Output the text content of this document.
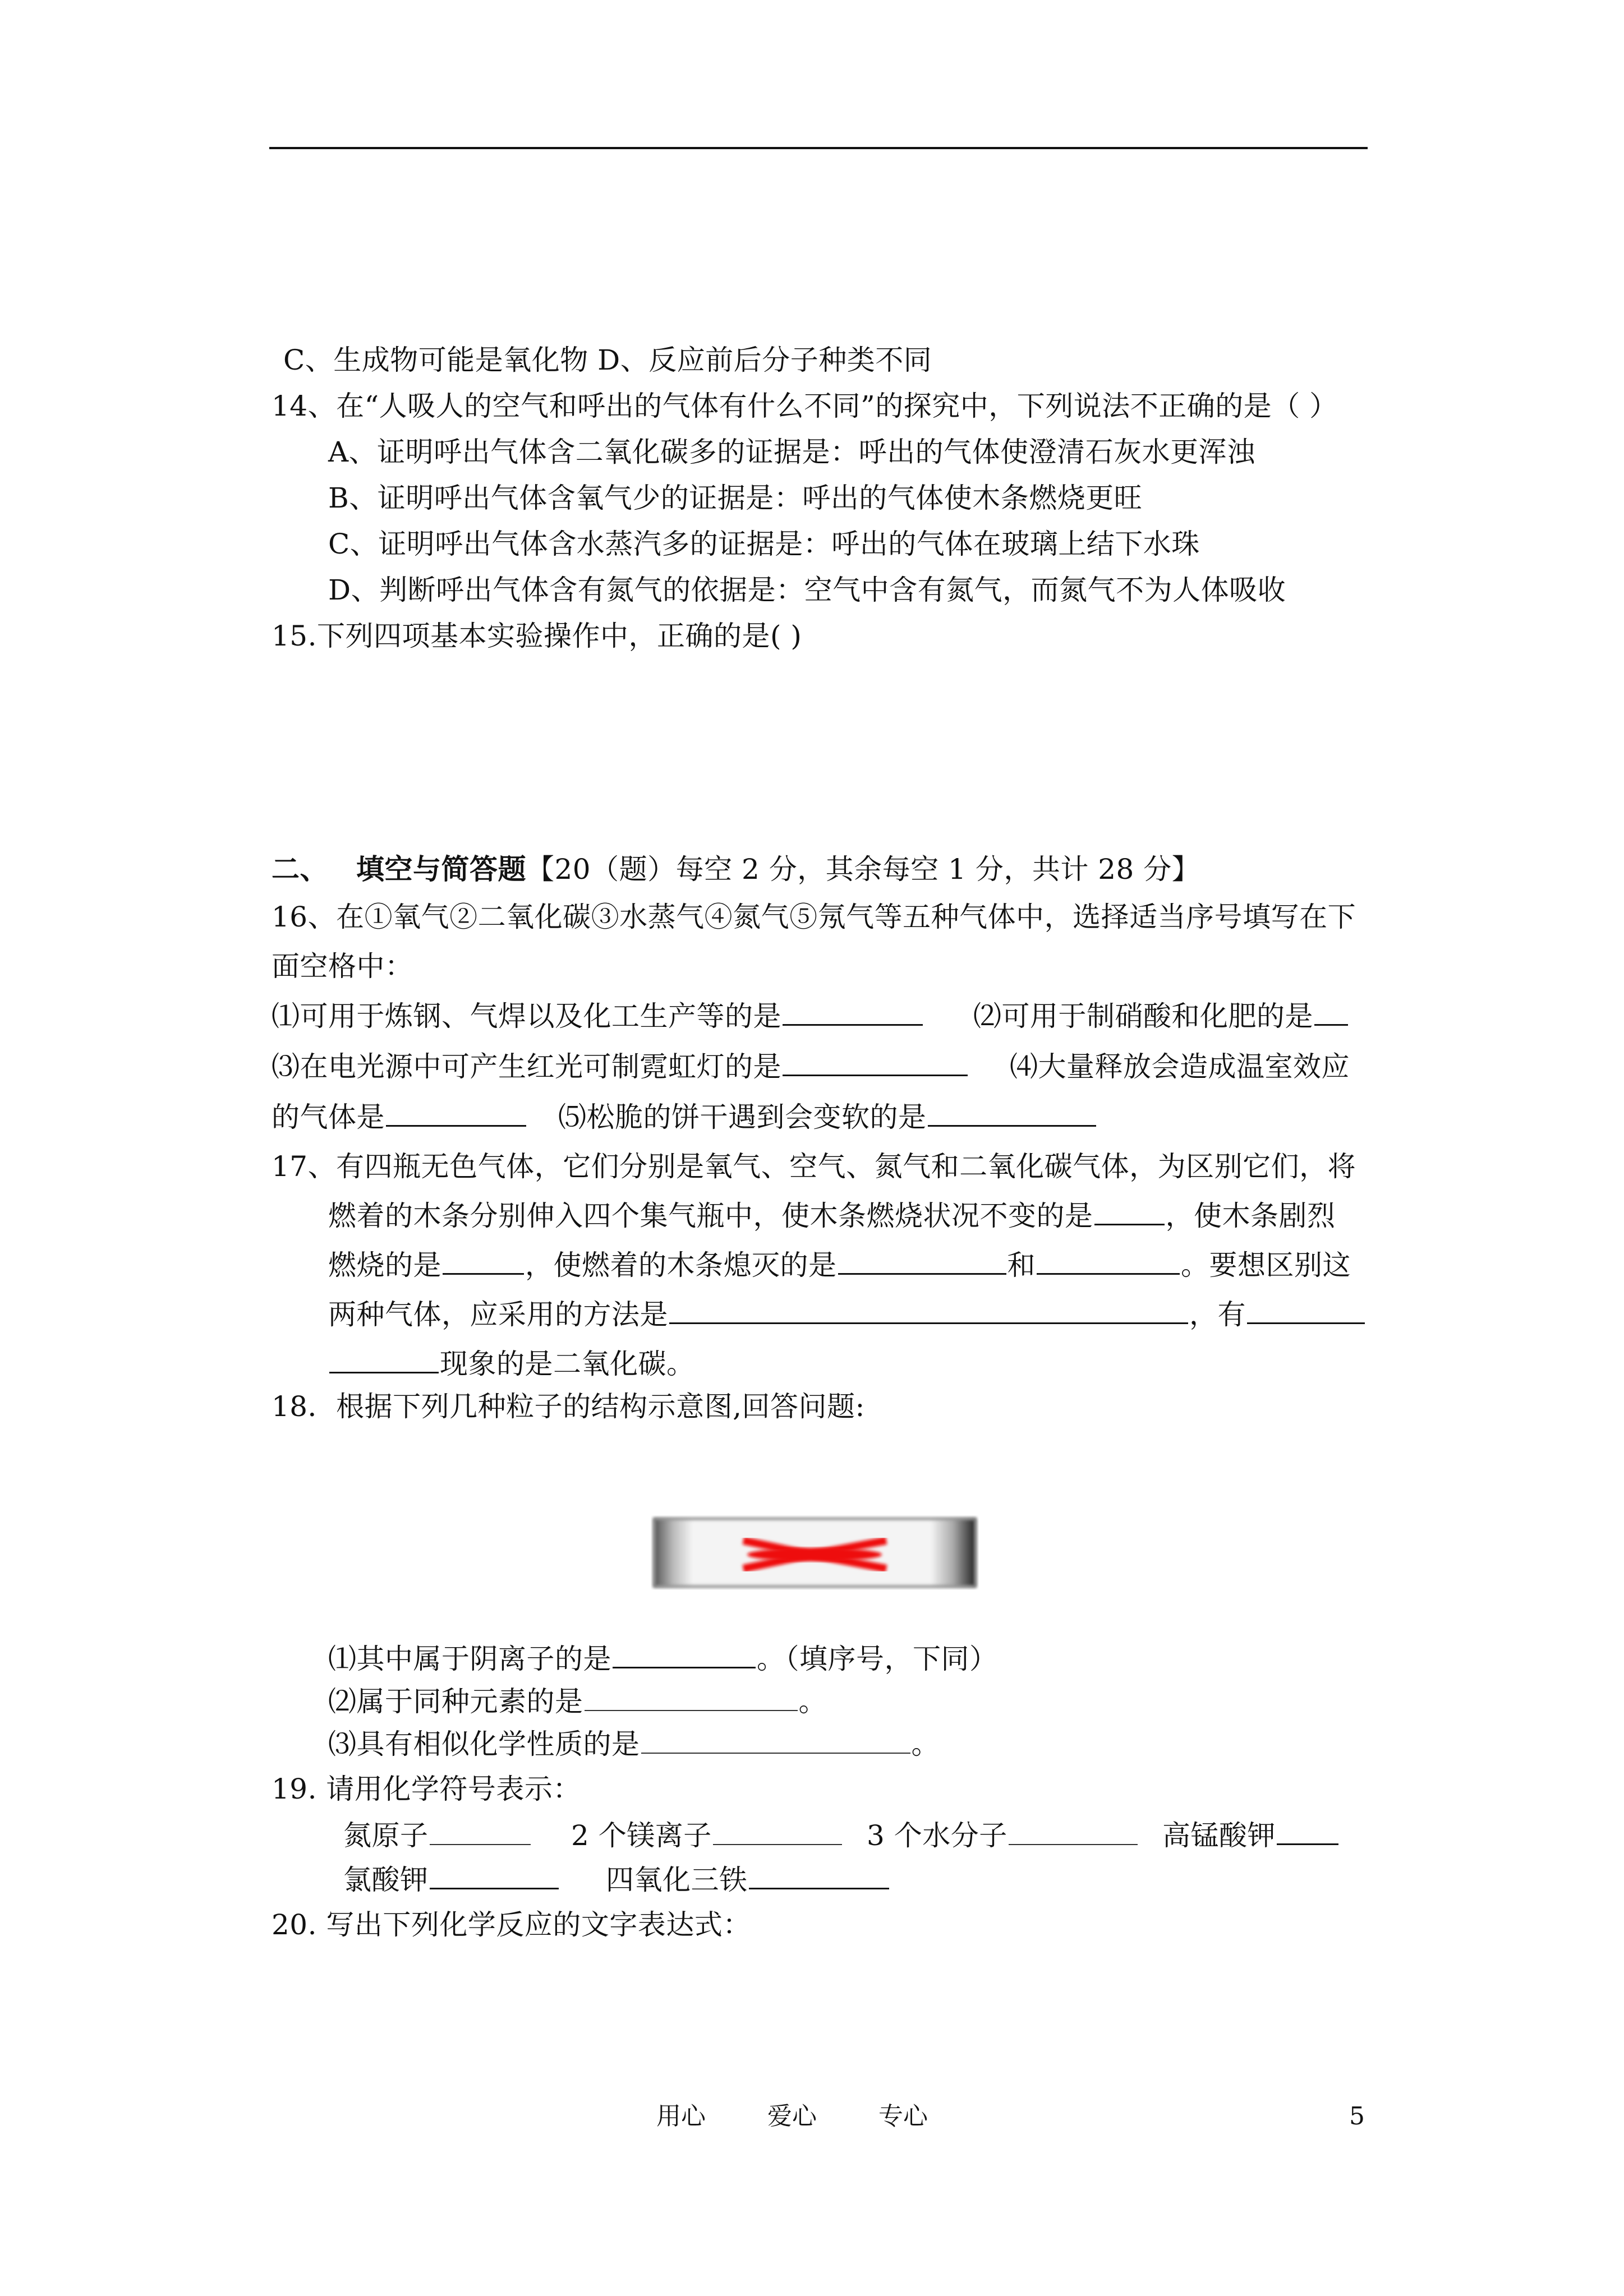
C、生成物可能是氧化物 D、反应前后分子种类不同
14、在“人吸人的空气和呼出的气体有什么不同”的探究中，下列说法不正确的是（ ）
A、证明呼出气体含二氧化碳多的证据是：呼出的气体使澄清石灰水更浑浊
B、证明呼出气体含氧气少的证据是：呼出的气体使木条燃烧更旺
C、证明呼出气体含水蒸汽多的证据是：呼出的气体在玻璃上结下水珠
D、判断呼出气体含有氮气的依据是：空气中含有氮气，而氮气不为人体吸收
15.下列四项基本实验操作中，正确的是( )
二、 填空与简答题【20（题）每空 2 分，其余每空 1 分，共计 28 分】
16、在①氧气②二氧化碳③水蒸气④氮气⑤氖气等五种气体中，选择适当序号填写在下
面空格中：
⑴可用于炼钢、气焊以及化工生产等的是	⑵可用于制硝酸和化肥的是
⑶在电光源中可产生红光可制霓虹灯的是	⑷大量释放会造成温室效应
的气体是	⑸松脆的饼干遇到会变软的是
17、有四瓶无色气体，它们分别是氧气、空气、氮气和二氧化碳气体，为区别它们，将
燃着的木条分别伸入四个集气瓶中，使木条燃烧状况不变的是	，使木条剧烈
燃烧的是	，使燃着的木条熄灭的是	和	。要想区别这
两种气体，应采用的方法是	，有
现象的是二氧化碳。
18．根据下列几种粒子的结构示意图,回答问题:
⑴其中属于阴离子的是	。（填序号，下同）
⑵属于同种元素的是	。
⑶具有相似化学性质的是	。
19. 请用化学符号表示：
氮原子	2 个镁离子	3 个水分子	高锰酸钾
氯酸钾	四氧化三铁
20. 写出下列化学反应的文字表达式：
用心	爱心	专心	5
